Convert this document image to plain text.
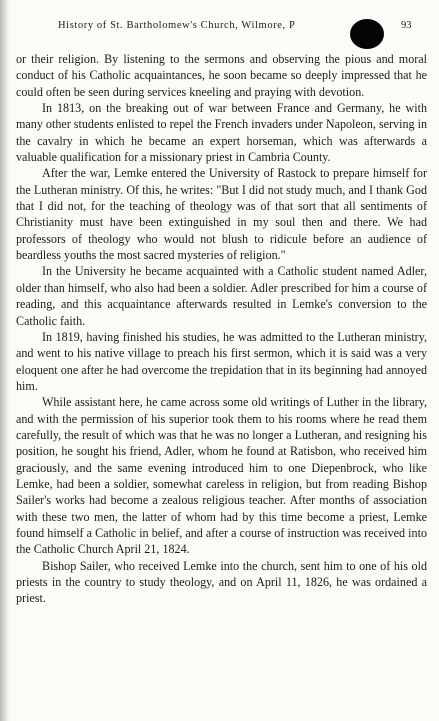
History of St. Bartholomew's Church, Wilmore, P	93

or their religion. By listening to the sermons and observing the pious and moral conduct of his Catholic acquaintances, he soon became so deeply impressed that he could often be seen during services kneeling and praying with devotion.

In 1813, on the breaking out of war between France and Germany, he with many other students enlisted to repel the French invaders under Napoleon, serving in the cavalry in which he became an expert horseman, which was afterwards a valuable qualification for a missionary priest in Cambria County.

After the war, Lemke entered the University of Rastock to prepare himself for the Lutheran ministry. Of this, he writes: "But I did not study much, and I thank God that I did not, for the teaching of theology was of that sort that all sentiments of Christianity must have been extinguished in my soul then and there. We had professors of theology who would not blush to ridicule before an audience of beardless youths the most sacred mysteries of religion."

In the University he became acquainted with a Catholic student named Adler, older than himself, who also had been a soldier. Adler prescribed for him a course of reading, and this acquaintance afterwards resulted in Lemke's conversion to the Catholic faith.

In 1819, having finished his studies, he was admitted to the Lutheran ministry, and went to his native village to preach his first sermon, which it is said was a very eloquent one after he had overcome the trepidation that in its beginning had annoyed him.

While assistant here, he came across some old writings of Luther in the library, and with the permission of his superior took them to his rooms where he read them carefully, the result of which was that he was no longer a Lutheran, and resigning his position, he sought his friend, Adler, whom he found at Ratisbon, who received him graciously, and the same evening introduced him to one Diepenbrock, who like Lemke, had been a soldier, somewhat careless in religion, but from reading Bishop Sailer's works had become a zealous religious teacher. After months of association with these two men, the latter of whom had by this time become a priest, Lemke found himself a Catholic in belief, and after a course of instruction was received into the Catholic Church April 21, 1824.

Bishop Sailer, who received Lemke into the church, sent him to one of his old priests in the country to study theology, and on April 11, 1826, he was ordained a priest.
